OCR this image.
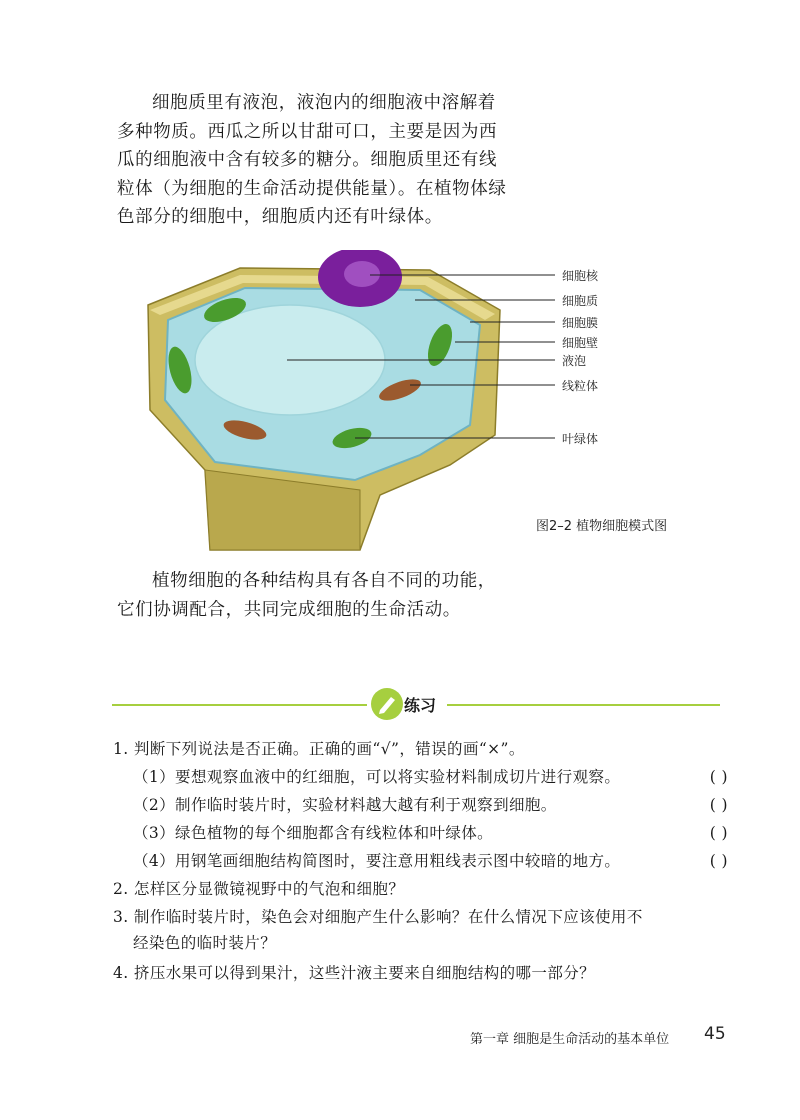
细胞质里有液泡，液泡内的细胞液中溶解着多种物质。西瓜之所以甘甜可口，主要是因为西瓜的细胞液中含有较多的糖分。细胞质里还有线粒体（为细胞的生命活动提供能量）。在植物体绿色部分的细胞中，细胞质内还有叶绿体。

细胞核
细胞质
细胞膜
细胞壁
液泡
线粒体
叶绿体
图2–2 植物细胞模式图

植物细胞的各种结构具有各自不同的功能，它们协调配合，共同完成细胞的生命活动。

练习
1. 判断下列说法是否正确。正确的画“√”，错误的画“×”。
（1）要想观察血液中的红细胞，可以将实验材料制成切片进行观察。	( )
（2）制作临时装片时，实验材料越大越有利于观察到细胞。	( )
（3）绿色植物的每个细胞都含有线粒体和叶绿体。	( )
（4）用钢笔画细胞结构简图时，要注意用粗线表示图中较暗的地方。	( )
2. 怎样区分显微镜视野中的气泡和细胞？
3. 制作临时装片时，染色会对细胞产生什么影响？在什么情况下应该使用不
经染色的临时装片？
4. 挤压水果可以得到果汁，这些汁液主要来自细胞结构的哪一部分？
第一章 细胞是生命活动的基本单位 45
